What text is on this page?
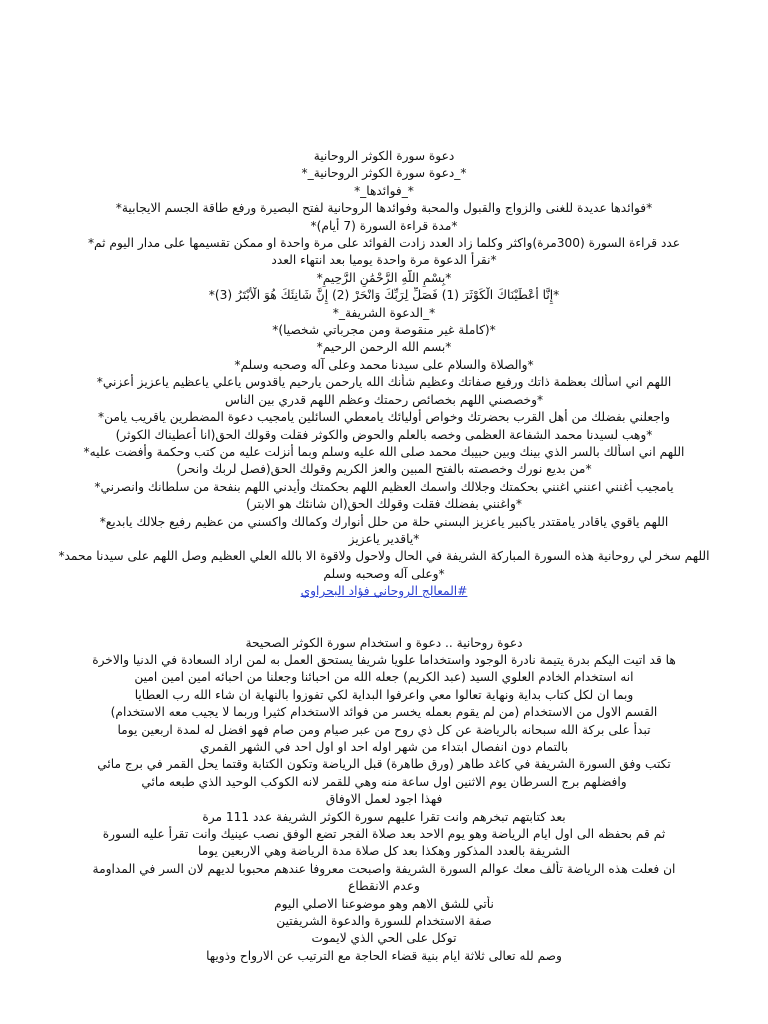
دعوة سورة الكوثر الروحانية
*_دعوة سورة الكوثر الروحانية_*
*_فوائدها_*
*فوائدها عديدة للغنى والزواج والقبول والمحبة وفوائدها الروحانية لفتح البصيرة ورفع طاقة الجسم الايجابية*
*مدة قراءة السورة (7 أيام)*
عدد قراءة السورة (300مرة)واكثر وكلما زاد العدد زادت الفوائد على مرة واحدة او ممكن تقسيمها على مدار اليوم ثم*
*نقرأ الدعوة مرة واحدة يوميا بعد انتهاء العدد
*بِسْمِ اللَّهِ الرَّحْمَٰنِ الرَّحِيمِ*
*إِنَّا أَعْطَيْنَاكَ الْكَوْثَرَ (1) فَصَلِّ لِرَبِّكَ وَانْحَرْ (2) إِنَّ شَانِئَكَ هُوَ الْأَبْتَرُ (3)*
*_الدعوة الشريفة_*
*(كاملة غير منقوصة ومن مجرباتي شخصيا)*
*بسم الله الرحمن الرحيم*
*والصلاة والسلام على سيدنا محمد وعلى آله وصحبه وسلم*
اللهم اني اسألك بعظمة ذاتك ورفيع صفاتك وعظيم شأنك الله يارحمن يارحيم ياقدوس ياعلي ياعظيم ياعزيز أعزني*
*وخصصني اللهم بخصائص رحمتك وعظم اللهم قدري بين الناس
واجعلني بفضلك من أهل القرب بحضرتك وخواص أوليائك يامعطي السائلين يامجيب دعوة المضطرين ياقريب يامن*
*وهب لسيدنا محمد الشفاعة العظمى وخصه بالعلم والحوض والكوثر فقلت وقولك الحق(انا أعطيناك الكوثر)
اللهم اني اسألك بالسر الذي بينك وبين حبيبك محمد صلى الله عليه وسلم وبما أنزلت عليه من كتب وحكمة وأفضت عليه*
*من بديع نورك وخصصته بالفتح المبين والعز الكريم وقولك الحق(فصل لربك وانحر)
يامجيب أغنني اعنني اغنني بحكمتك وجلالك واسمك العظيم اللهم بحكمتك وأيدني اللهم بنفحة من سلطانك وانصرني*
*واغنني بفضلك فقلت وقولك الحق(ان شانئك هو الابتر)
اللهم ياقوي ياقادر يامقتدر ياكبير ياعزيز البسني حلة من حلل أنوارك وكمالك واكسني من عظيم رفيع جلالك يابديع*
*ياقدير ياعزيز
اللهم سخر لي روحانية هذه السورة المباركة الشريفة في الحال ولاحول ولاقوة الا بالله العلي العظيم وصل اللهم على سيدنا محمد*
*وعلى آله وصحبه وسلم
#المعالج الروحاني فؤاد البحراوي
دعوة روحانية .. دعوة و استخدام سورة الكوثر الصحيحة
ها قد اتيت اليكم بدرة يتيمة نادرة الوجود واستخداما علويا شريفا يستحق العمل به لمن اراد السعادة في الدنيا والاخرة
انه استخدام الخادم العلوي السيد (عبد الكريم) جعله الله من احبائنا وجعلنا من احبائه امين امين امين
وبما ان لكل كتاب بداية ونهاية تعالوا معي واعرفوا البداية لكي تفوزوا بالنهاية ان شاء الله رب العطايا
القسم الاول من الاستخدام (من لم يقوم بعمله يخسر من فوائد الاستخدام كثيرا وربما لا يجيب معه الاستخدام)
تبدأ على بركة الله سبحانه بالرياضة عن كل ذي روح من عبر صيام ومن صام فهو افضل له لمدة اربعين يوما
بالتمام دون انفصال ابتداء من شهر اوله احد او اول احد في الشهر القمري
تكتب وفق السورة الشريفة في كاغد طاهر (ورق طاهرة) قبل الرياضة وتكون الكتابة وقتما يحل القمر في برج مائي
وافضلهم برج السرطان يوم الاثنين اول ساعة منه وهي للقمر لانه الكوكب الوحيد الذي طبعه مائي
فهذا اجود لعمل الاوفاق
بعد كتابتهم تبخرهم وانت تقرا عليهم سورة الكوثر الشريفة عدد 111 مرة
ثم قم بحفظه الى اول ايام الرياضة وهو يوم الاحد بعد صلاة الفجر تضع الوفق نصب عينيك وانت تقرأ عليه السورة
الشريفة بالعدد المذكور وهكذا بعد كل صلاة مدة الرياضة وهي الاربعين يوما
ان فعلت هذه الرياضة تألف معك عوالم السورة الشريفة واصبحت معروفا عندهم محبوبا لديهم لان السر في المداومة
وعدم الانقطاع
نأتي للشق الاهم وهو موضوعنا الاصلي اليوم
صفة الاستخدام للسورة والدعوة الشريفتين
توكل على الحي الذي لايموت
وصم لله تعالى ثلاثة ايام بنية قضاء الحاجة مع الترتيب عن الارواح وذويها
